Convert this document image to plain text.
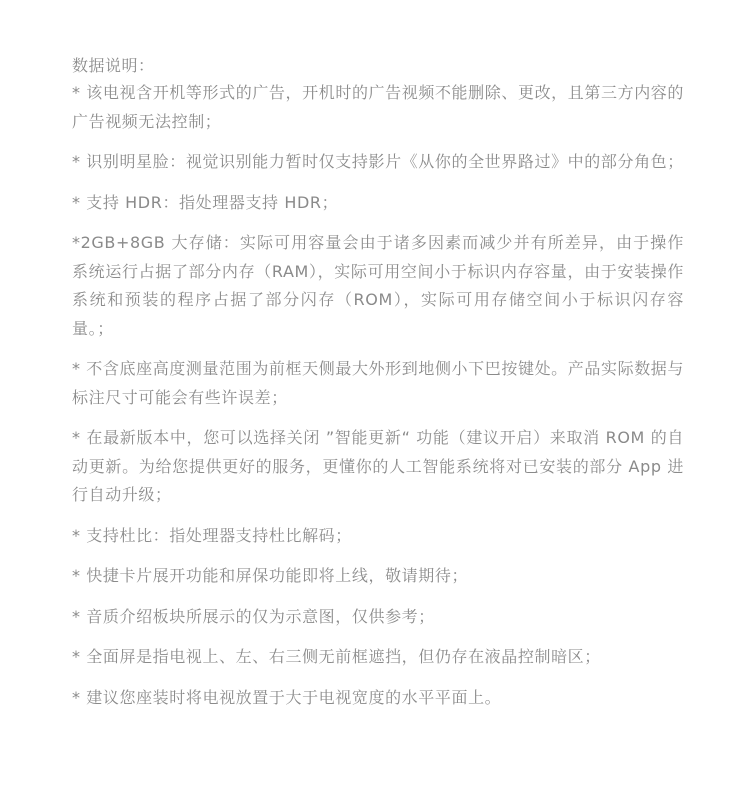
数据说明：

* 该电视含开机等形式的广告，开机时的广告视频不能删除、更改，且第三方内容的广告视频无法控制；
* 识别明星脸：视觉识别能力暂时仅支持影片《从你的全世界路过》中的部分角色；
* 支持 HDR：指处理器支持 HDR；
*2GB+8GB 大存储：实际可用容量会由于诸多因素而减少并有所差异，由于操作系统运行占据了部分内存（RAM），实际可用空间小于标识内存容量，由于安装操作系统和预装的程序占据了部分闪存（ROM），实际可用存储空间小于标识闪存容量。；
* 不含底座高度测量范围为前框天侧最大外形到地侧小下巴按键处。产品实际数据与标注尺寸可能会有些许误差；
* 在最新版本中，您可以选择关闭 ”智能更新“ 功能（建议开启）来取消 ROM 的自动更新。为给您提供更好的服务，更懂你的人工智能系统将对已安装的部分 App 进行自动升级；
* 支持杜比：指处理器支持杜比解码；
* 快捷卡片展开功能和屏保功能即将上线，敬请期待；
* 音质介绍板块所展示的仅为示意图，仅供参考；
* 全面屏是指电视上、左、右三侧无前框遮挡，但仍存在液晶控制暗区；
* 建议您座装时将电视放置于大于电视宽度的水平平面上。
